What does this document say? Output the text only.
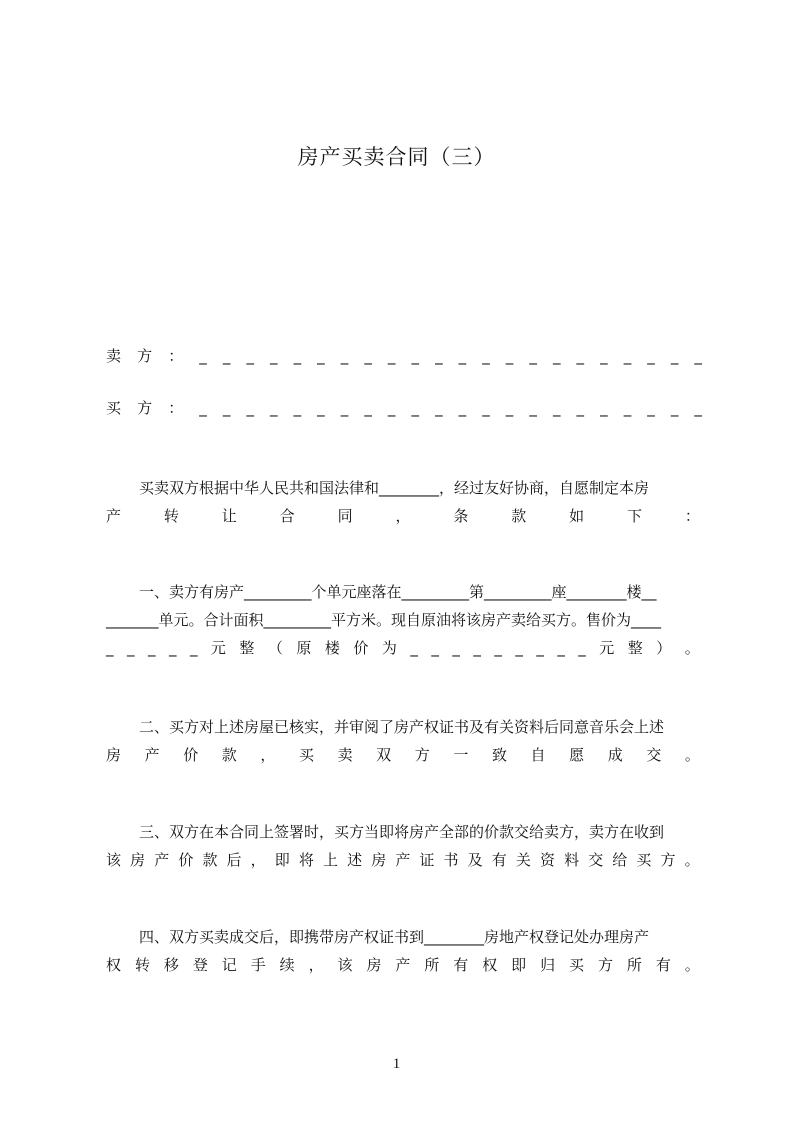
房产买卖合同（三）
卖 方 ： _ _ _ _ _ _ _ _ _ _ _ _ _ _ _ _ _ _ _ _ _ _
买 方 ： _ _ _ _ _ _ _ _ _ _ _ _ _ _ _ _ _ _ _ _ _ _
买卖双方根据中华人民共和国法律和________，经过友好协商，自愿制定本房
产	转	让	合	同	，	条	款	如	下	：
一、卖方有房产_________个单元座落在_________第_________座________楼__
_______单元。合计面积_________平方米。现自原油将该房产卖给买方。售价为____
_ _ _ _ _ 元 整 （ 原 楼 价 为 _ _ _ _ _ _ _ _ _ 元 整 ） 。
二、买方对上述房屋已核实，并审阅了房产权证书及有关资料后同意音乐会上述
房 产 价 款 ， 买 卖 双 方 一 致 自 愿 成 交 。
三、双方在本合同上签署时，买方当即将房产全部的价款交给卖方，卖方在收到
该 房 产 价 款 后 ， 即 将 上 述 房 产 证 书 及 有 关 资 料 交 给 买 方 。
四、双方买卖成交后，即携带房产权证书到________房地产权登记处办理房产
权 转 移 登 记 手 续 ， 该 房 产 所 有 权 即 归 买 方 所 有 。
1
